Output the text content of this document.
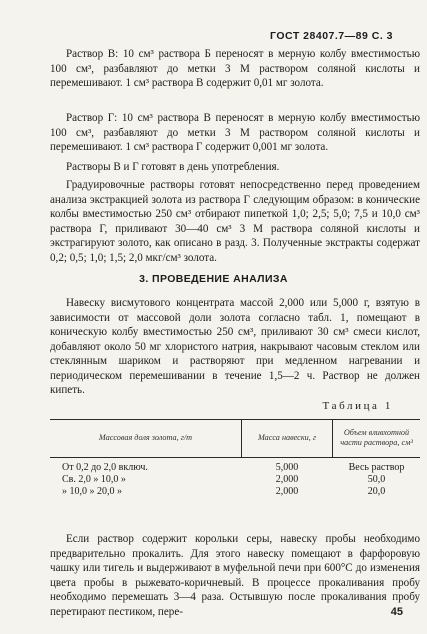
ГОСТ 28407.7—89 С. 3
Раствор В: 10 см³ раствора Б переносят в мерную колбу вместимостью 100 см³, разбавляют до метки 3 М раствором соляной кислоты и перемешивают. 1 см³ раствора В содержит 0,01 мг золота.
Раствор Г: 10 см³ раствора В переносят в мерную колбу вместимостью 100 см³, разбавляют до метки 3 М раствором соляной кислоты и перемешивают. 1 см³ раствора Г содержит 0,001 мг золота.
Растворы В и Г готовят в день употребления.
Градуировочные растворы готовят непосредственно перед проведением анализа экстракцией золота из раствора Г следующим образом: в конические колбы вместимостью 250 см³ отбирают пипеткой 1,0; 2,5; 5,0; 7,5 и 10,0 см³ раствора Г, приливают 30—40 см³ 3 М раствора соляной кислоты и экстрагируют золото, как описано в разд. 3. Полученные экстракты содержат 0,2; 0,5; 1,0; 1,5; 2,0 мкг/см³ золота.
3. ПРОВЕДЕНИЕ АНАЛИЗА
Навеску висмутового концентрата массой 2,000 или 5,000 г, взятую в зависимости от массовой доли золота согласно табл. 1, помещают в коническую колбу вместимостью 250 см³, приливают 30 см³ смеси кислот, добавляют около 50 мг хлористого натрия, накрывают часовым стеклом или стеклянным шариком и растворяют при медленном нагревании и периодическом перемешивании в течение 1,5—2 ч. Раствор не должен кипеть.
Таблица 1
Массовая доля золота, г/т	Масса навески, г
Объем вливхотной
части раствора, см³
От 0,2 до 2,0 включ.	5,000	Весь раствор
Св. 2,0 » 10,0 »	2,000	50,0
» 10,0 » 20,0 »	2,000	20,0
Если раствор содержит корольки серы, навеску пробы необходимо предварительно прокалить. Для этого навеску помещают в фарфоровую чашку или тигель и выдерживают в муфельной печи при 600°С до изменения цвета пробы в рыжевато-коричневый. В процессе прокаливания пробу необходимо перемешать 3—4 раза. Остывшую после прокаливания пробу перетирают пестиком, пере-	45
